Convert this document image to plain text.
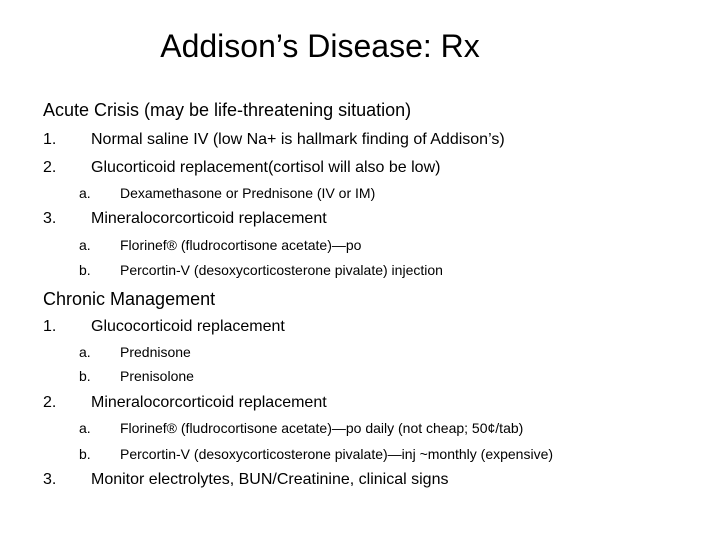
Addison’s Disease: Rx
Acute Crisis (may be life-threatening situation)
1. Normal saline IV (low Na+ is hallmark finding of Addison’s)
2. Glucorticoid replacement(cortisol will also be low)
a. Dexamethasone or Prednisone (IV or IM)
3. Mineralocorcorticoid replacement
a. Florinef® (fludrocortisone acetate)—po
b. Percortin-V (desoxycorticosterone pivalate) injection
Chronic Management
1. Glucocorticoid replacement
a. Prednisone
b. Prenisolone
2. Mineralocorcorticoid replacement
a. Florinef® (fludrocortisone acetate)—po daily (not cheap; 50¢/tab)
b. Percortin-V (desoxycorticosterone pivalate)—inj ~monthly (expensive)
3. Monitor electrolytes, BUN/Creatinine, clinical signs
